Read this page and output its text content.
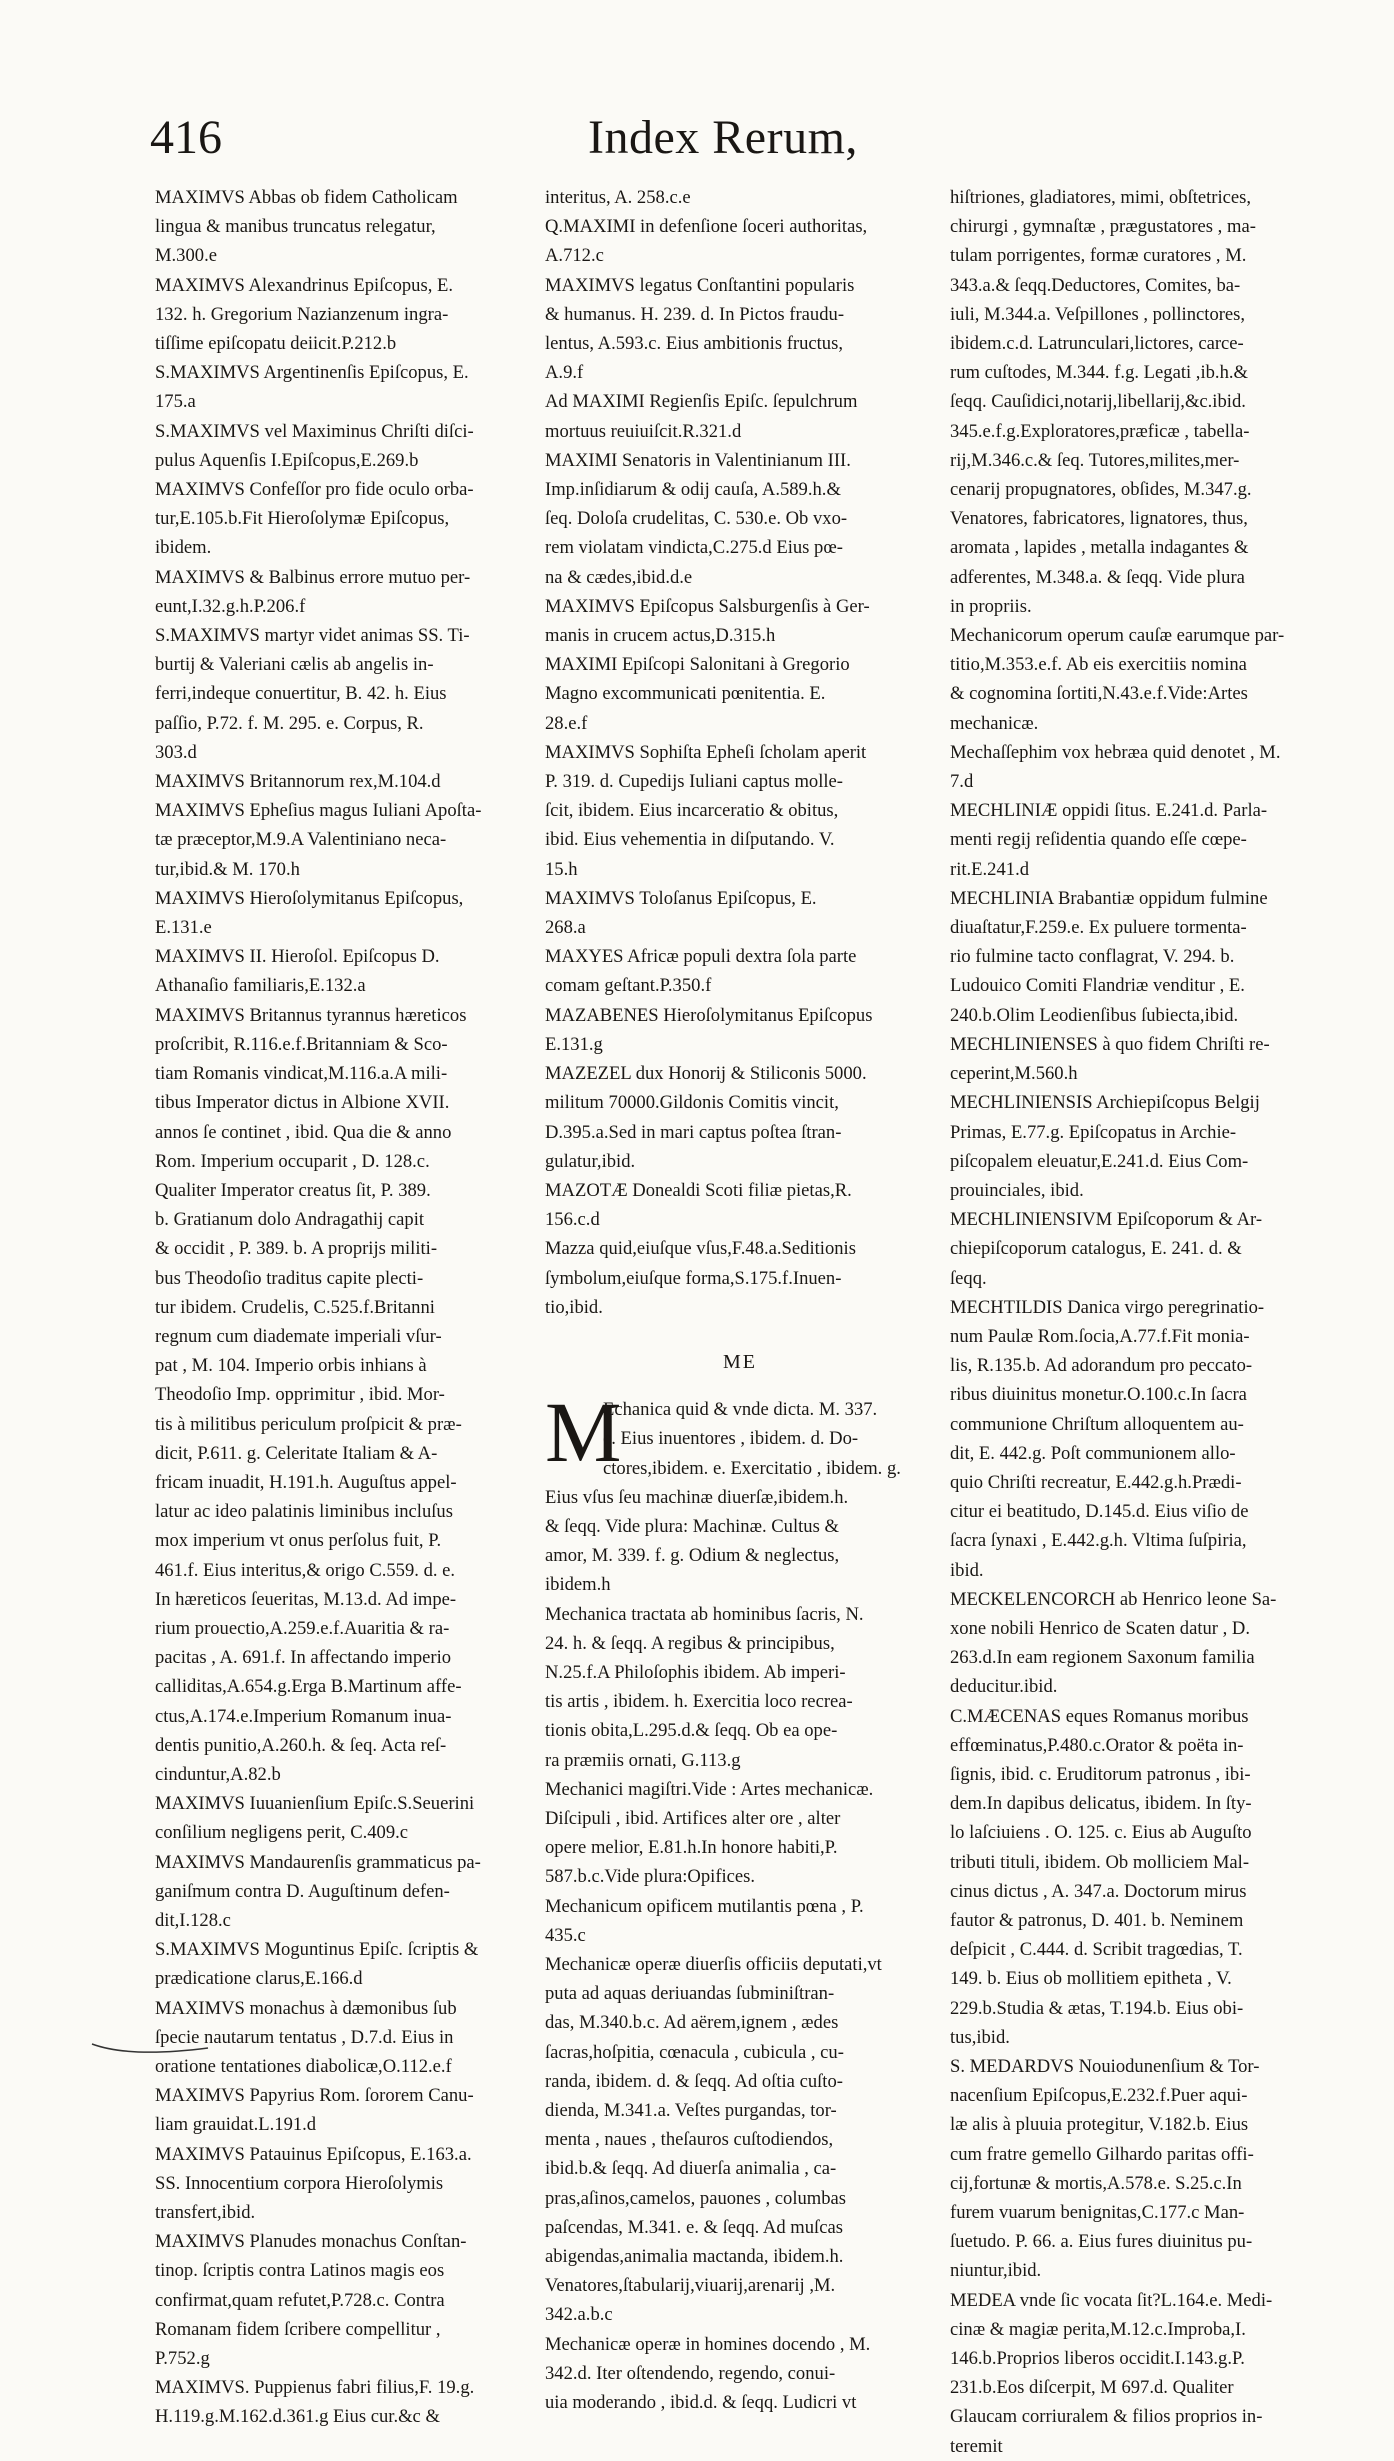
416	Index Rerum,

MAXIMVS Abbas ob fidem Catholicam

lingua & manibus truncatus relegatur,

M.300.e

MAXIMVS Alexandrinus Epiſcopus, E.

132. h. Gregorium Nazianzenum ingra-

tiſſime epiſcopatu deiicit.P.212.b

S.MAXIMVS Argentinenſis Epiſcopus, E.

175.a

S.MAXIMVS vel Maximinus Chriſti diſci-

pulus Aquenſis I.Epiſcopus,E.269.b

MAXIMVS Confeſſor pro fide oculo orba-

tur,E.105.b.Fit Hieroſolymæ Epiſcopus,

ibidem.

MAXIMVS & Balbinus errore mutuo per-

eunt,I.32.g.h.P.206.f

S.MAXIMVS martyr videt animas SS. Ti-

burtij & Valeriani cælis ab angelis in-

ferri,indeque conuertitur, B. 42. h. Eius

paſſio, P.72. f. M. 295. e. Corpus, R.

303.d

MAXIMVS Britannorum rex,M.104.d

MAXIMVS Epheſius magus Iuliani Apoſta-

tæ præceptor,M.9.A Valentiniano neca-

tur,ibid.& M. 170.h

MAXIMVS Hieroſolymitanus Epiſcopus,

E.131.e

MAXIMVS II. Hieroſol. Epiſcopus D.

Athanaſio familiaris,E.132.a

MAXIMVS Britannus tyrannus hæreticos

proſcribit, R.116.e.f.Britanniam & Sco-

tiam Romanis vindicat,M.116.a.A mili-

tibus Imperator dictus in Albione XVII.

annos ſe continet , ibid. Qua die & anno

Rom. Imperium occuparit , D. 128.c.

Qualiter Imperator creatus ſit, P. 389.

b. Gratianum dolo Andragathij capit

& occidit , P. 389. b. A proprijs militi-

bus Theodoſio traditus capite plecti-

tur ibidem. Crudelis, C.525.f.Britanni

regnum cum diademate imperiali vſur-

pat , M. 104. Imperio orbis inhians à

Theodoſio Imp. opprimitur , ibid. Mor-

tis à militibus periculum proſpicit & præ-

dicit, P.611. g. Celeritate Italiam & A-

fricam inuadit, H.191.h. Auguſtus appel-

latur ac ideo palatinis liminibus incluſus

mox imperium vt onus perſolus fuit, P.

461.f. Eius interitus,& origo C.559. d. e.

In hæreticos ſeueritas, M.13.d. Ad impe-

rium prouectio,A.259.e.f.Auaritia & ra-

pacitas , A. 691.f. In affectando imperio

calliditas,A.654.g.Erga B.Martinum affe-

ctus,A.174.e.Imperium Romanum inua-

dentis punitio,A.260.h. & ſeq. Acta reſ-

cinduntur,A.82.b

MAXIMVS Iuuanienſium Epiſc.S.Seuerini

conſilium negligens perit, C.409.c

MAXIMVS Mandaurenſis grammaticus pa-

ganiſmum contra D. Auguſtinum defen-

dit,I.128.c

S.MAXIMVS Moguntinus Epiſc. ſcriptis &

prædicatione clarus,E.166.d

MAXIMVS monachus à dæmonibus ſub

ſpecie nautarum tentatus , D.7.d. Eius in

oratione tentationes diabolicæ,O.112.e.f

MAXIMVS Papyrius Rom. ſororem Canu-

liam grauidat.L.191.d

MAXIMVS Patauinus Epiſcopus, E.163.a.

SS. Innocentium corpora Hieroſolymis

transfert,ibid.

MAXIMVS Planudes monachus Conſtan-

tinop. ſcriptis contra Latinos magis eos

confirmat,quam refutet,P.728.c. Contra

Romanam fidem ſcribere compellitur ,

P.752.g

MAXIMVS. Puppienus fabri filius,F. 19.g.

H.119.g.M.162.d.361.g Eius cur.&c &

interitus, A. 258.c.e

Q.MAXIMI in defenſione ſoceri authoritas,

A.712.c

MAXIMVS legatus Conſtantini popularis

& humanus. H. 239. d. In Pictos fraudu-

lentus, A.593.c. Eius ambitionis fructus,

A.9.f

Ad MAXIMI Regienſis Epiſc. ſepulchrum

mortuus reuiuiſcit.R.321.d

MAXIMI Senatoris in Valentinianum III.

Imp.inſidiarum & odij cauſa, A.589.h.&

ſeq. Doloſa crudelitas, C. 530.e. Ob vxo-

rem violatam vindicta,C.275.d Eius pœ-

na & cædes,ibid.d.e

MAXIMVS Epiſcopus Salsburgenſis à Ger-

manis in crucem actus,D.315.h

MAXIMI Epiſcopi Salonitani à Gregorio

Magno excommunicati pœnitentia. E.

28.e.f

MAXIMVS Sophiſta Epheſi ſcholam aperit

P. 319. d. Cupedijs Iuliani captus molle-

ſcit, ibidem. Eius incarceratio & obitus,

ibid. Eius vehementia in diſputando. V.

15.h

MAXIMVS Toloſanus Epiſcopus, E.

268.a

MAXYES Africæ populi dextra ſola parte

comam geſtant.P.350.f

MAZABENES Hieroſolymitanus Epiſcopus

E.131.g

MAZEZEL dux Honorij & Stiliconis 5000.

militum 70000.Gildonis Comitis vincit,

D.395.a.Sed in mari captus poſtea ſtran-

gulatur,ibid.

MAZOTÆ Donealdi Scoti filiæ pietas,R.

156.c.d

Mazza quid,eiuſque vſus,F.48.a.Seditionis

ſymbolum,eiuſque forma,S.175.f.Inuen-

tio,ibid.

ME

M

Echanica quid & vnde dicta. M. 337.

c. Eius inuentores , ibidem. d. Do-

ctores,ibidem. e. Exercitatio , ibidem. g.

Eius vſus ſeu machinæ diuerſæ,ibidem.h.

& ſeqq. Vide plura: Machinæ. Cultus &

amor, M. 339. f. g. Odium & neglectus,

ibidem.h

Mechanica tractata ab hominibus ſacris, N.

24. h. & ſeqq. A regibus & principibus,

N.25.f.A Philoſophis ibidem. Ab imperi-

tis artis , ibidem. h. Exercitia loco recrea-

tionis obita,L.295.d.& ſeqq. Ob ea ope-

ra præmiis ornati, G.113.g

Mechanici magiſtri.Vide : Artes mechanicæ.

Diſcipuli , ibid. Artifices alter ore , alter

opere melior, E.81.h.In honore habiti,P.

587.b.c.Vide plura:Opifices.

Mechanicum opificem mutilantis pœna , P.

435.c

Mechanicæ operæ diuerſis officiis deputati,vt

puta ad aquas deriuandas ſubminiſtran-

das, M.340.b.c. Ad aërem,ignem , ædes

ſacras,hoſpitia, cœnacula , cubicula , cu-

randa, ibidem. d. & ſeqq. Ad oſtia cuſto-

dienda, M.341.a. Veſtes purgandas, tor-

menta , naues , theſauros cuſtodiendos,

ibid.b.& ſeqq. Ad diuerſa animalia , ca-

pras,aſinos,camelos, pauones , columbas

paſcendas, M.341. e. & ſeqq. Ad muſcas

abigendas,animalia mactanda, ibidem.h.

Venatores,ſtabularij,viuarij,arenarij ,M.

342.a.b.c

Mechanicæ operæ in homines docendo , M.

342.d. Iter oſtendendo, regendo, conui-

uia moderando , ibid.d. & ſeqq. Ludicri vt

hiſtriones, gladiatores, mimi, obſtetrices,

chirurgi , gymnaſtæ , prægustatores , ma-

tulam porrigentes, formæ curatores , M.

343.a.& ſeqq.Deductores, Comites, ba-

iuli, M.344.a. Veſpillones , pollinctores,

ibidem.c.d. Latrunculari,lictores, carce-

rum cuſtodes, M.344. f.g. Legati ,ib.h.&

ſeqq. Cauſidici,notarij,libellarij,&c.ibid.

345.e.f.g.Exploratores,præficæ , tabella-

rij,M.346.c.& ſeq. Tutores,milites,mer-

cenarij propugnatores, obſides, M.347.g.

Venatores, fabricatores, lignatores, thus,

aromata , lapides , metalla indagantes &

adferentes, M.348.a. & ſeqq. Vide plura

in propriis.

Mechanicorum operum cauſæ earumque par-

titio,M.353.e.f. Ab eis exercitiis nomina

& cognomina ſortiti,N.43.e.f.Vide:Artes

mechanicæ.

Mechaſſephim vox hebræa quid denotet , M.

7.d

MECHLINIÆ oppidi ſitus. E.241.d. Parla-

menti regij reſidentia quando eſſe cœpe-

rit.E.241.d

MECHLINIA Brabantiæ oppidum fulmine

diuaſtatur,F.259.e. Ex puluere tormenta-

rio fulmine tacto conflagrat, V. 294. b.

Ludouico Comiti Flandriæ venditur , E.

240.b.Olim Leodienſibus ſubiecta,ibid.

MECHLINIENSES à quo fidem Chriſti re-

ceperint,M.560.h

MECHLINIENSIS Archiepiſcopus Belgij

Primas, E.77.g. Epiſcopatus in Archie-

piſcopalem eleuatur,E.241.d. Eius Com-

prouinciales, ibid.

MECHLINIENSIVM Epiſcoporum & Ar-

chiepiſcoporum catalogus, E. 241. d. &

ſeqq.

MECHTILDIS Danica virgo peregrinatio-

num Paulæ Rom.ſocia,A.77.f.Fit monia-

lis, R.135.b. Ad adorandum pro peccato-

ribus diuinitus monetur.O.100.c.In ſacra

communione Chriſtum alloquentem au-

dit, E. 442.g. Poſt communionem allo-

quio Chriſti recreatur, E.442.g.h.Prædi-

citur ei beatitudo, D.145.d. Eius viſio de

ſacra ſynaxi , E.442.g.h. Vltima ſuſpiria,

ibid.

MECKELENCORCH ab Henrico leone Sa-

xone nobili Henrico de Scaten datur , D.

263.d.In eam regionem Saxonum familia

deducitur.ibid.

C.MÆCENAS eques Romanus moribus

effœminatus,P.480.c.Orator & poëta in-

ſignis, ibid. c. Eruditorum patronus , ibi-

dem.In dapibus delicatus, ibidem. In ſty-

lo laſciuiens . O. 125. c. Eius ab Auguſto

tributi tituli, ibidem. Ob molliciem Mal-

cinus dictus , A. 347.a. Doctorum mirus

fautor & patronus, D. 401. b. Neminem

deſpicit , C.444. d. Scribit tragœdias, T.

149. b. Eius ob mollitiem epitheta , V.

229.b.Studia & ætas, T.194.b. Eius obi-

tus,ibid.

S. MEDARDVS Nouiodunenſium & Tor-

nacenſium Epiſcopus,E.232.f.Puer aqui-

læ alis à pluuia protegitur, V.182.b. Eius

cum fratre gemello Gilhardo paritas offi-

cij,fortunæ & mortis,A.578.e. S.25.c.In

furem vuarum benignitas,C.177.c Man-

ſuetudo. P. 66. a. Eius fures diuinitus pu-

niuntur,ibid.

MEDEA vnde ſic vocata ſit?L.164.e. Medi-

cinæ & magiæ perita,M.12.c.Improba,I.

146.b.Proprios liberos occidit.I.143.g.P.

231.b.Eos diſcerpit, M 697.d. Qualiter

Glaucam corriuralem & filios proprios in-

teremit
